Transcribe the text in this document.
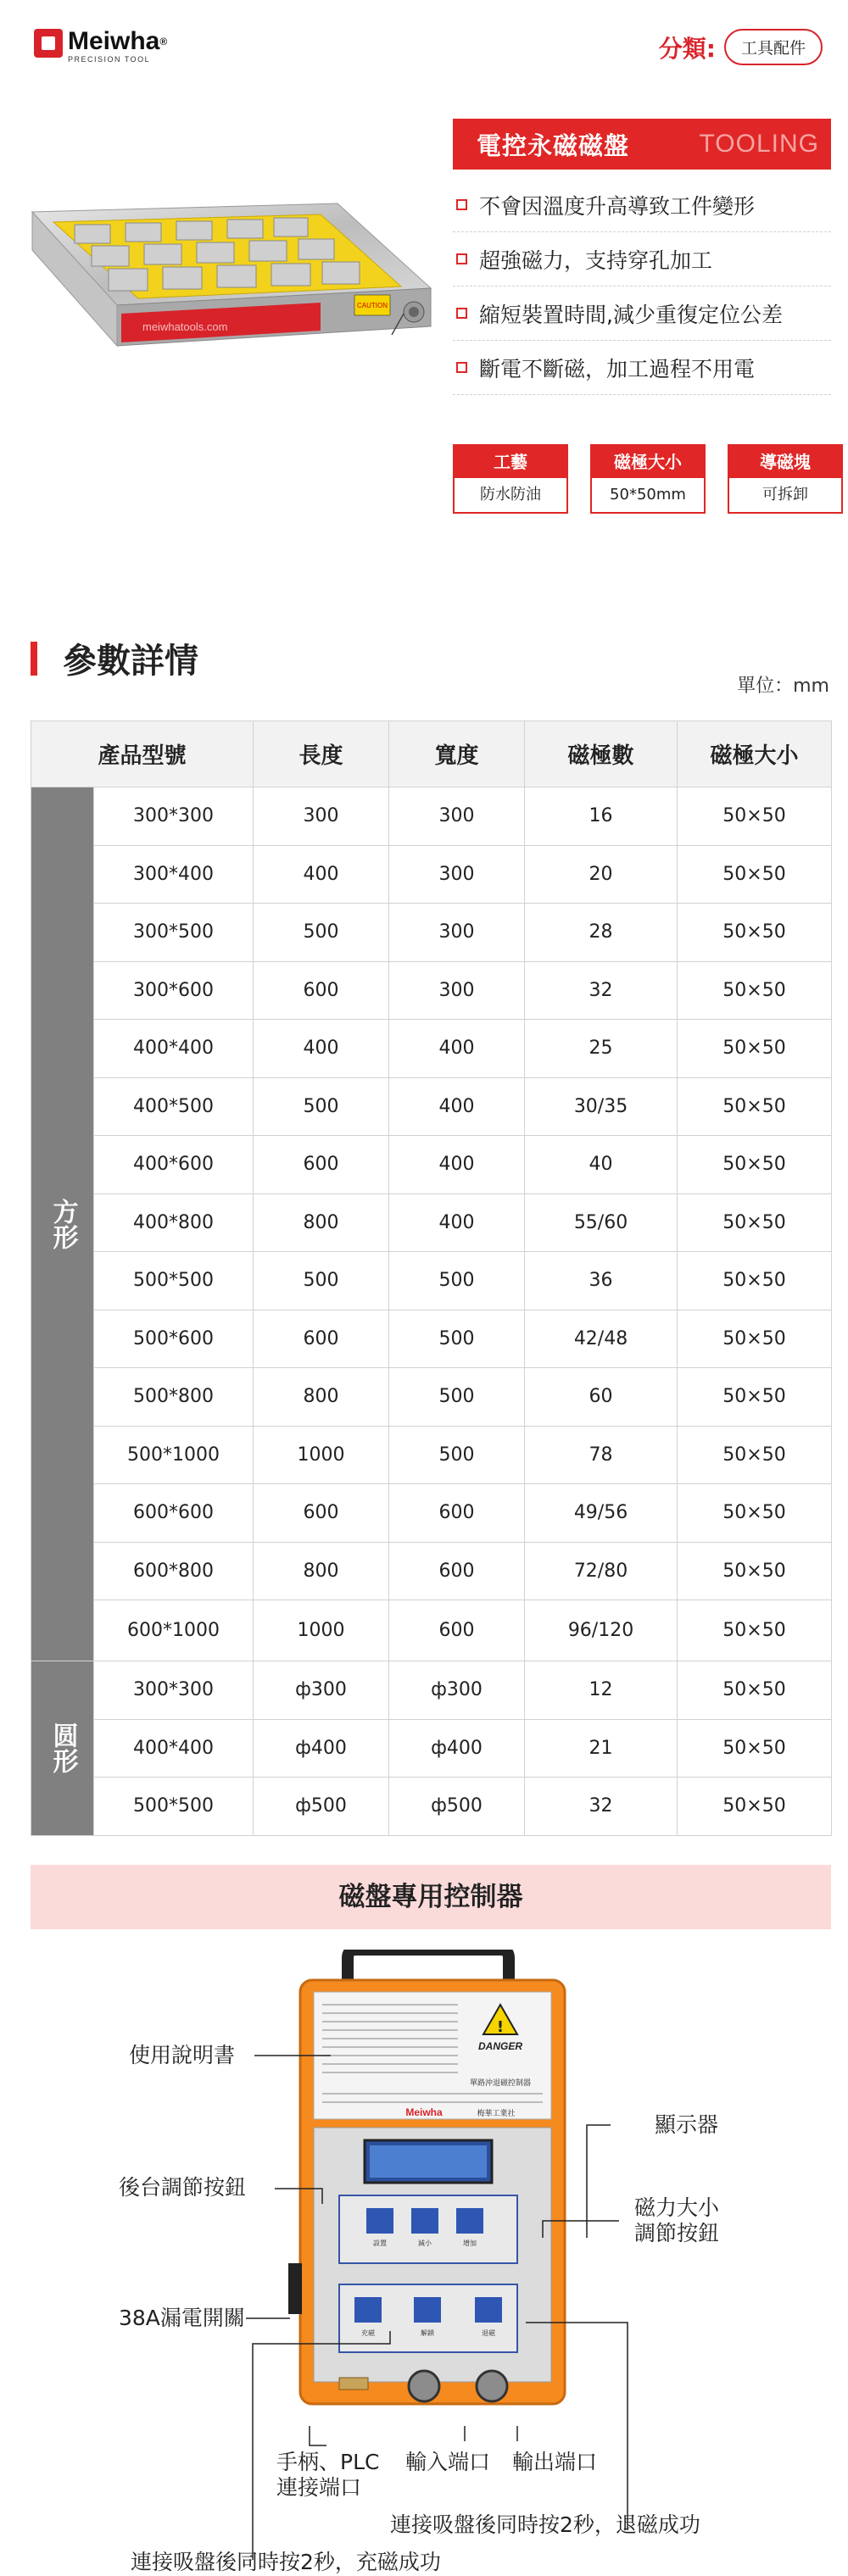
Meiwha®
PRECISION TOOL	分類:	工具配件
meiwhatools.com
CAUTION
電控永磁磁盤	TOOLING
不會因溫度升高導致工件變形
超強磁力，支持穿孔加工
縮短裝置時間,減少重復定位公差
斷電不斷磁，加工過程不用電
工藝
防水防油
磁極大小
50*50mm
導磁塊
可拆卸
參數詳情
單位：mm
產品型號		長度	寬度	磁極數	磁極大小
方形	300*300	300	300	16	50×50
	300*400	400	300	20	50×50
	300*500	500	300	28	50×50
	300*600	600	300	32	50×50
	400*400	400	400	25	50×50
	400*500	500	400	30/35	50×50
	400*600	600	400	40	50×50
	400*800	800	400	55/60	50×50
	500*500	500	500	36	50×50
	500*600	600	500	42/48	50×50
	500*800	800	500	60	50×50
	500*1000	1000	500	78	50×50
	600*600	600	600	49/56	50×50
	600*800	800	600	72/80	50×50
	600*1000	1000	600	96/120	50×50
圆形	300*300	ф300	ф300	12	50×50
	400*400	ф400	ф400	21	50×50
	500*500	ф500	ф500	32	50×50
磁盤專用控制器
!
DANGER
單路沖退磁控制器
Meiwha	梅華工業社
設置	減小	增加
充磁	解鎖	退磁
使用說明書
顯示器
後台調節按鈕
磁力大小
調節按鈕
38A漏電開關
手柄、PLC
連接端口
輸入端口 輸出端口
連接吸盤後同時按2秒，退磁成功
連接吸盤後同時按2秒，充磁成功
